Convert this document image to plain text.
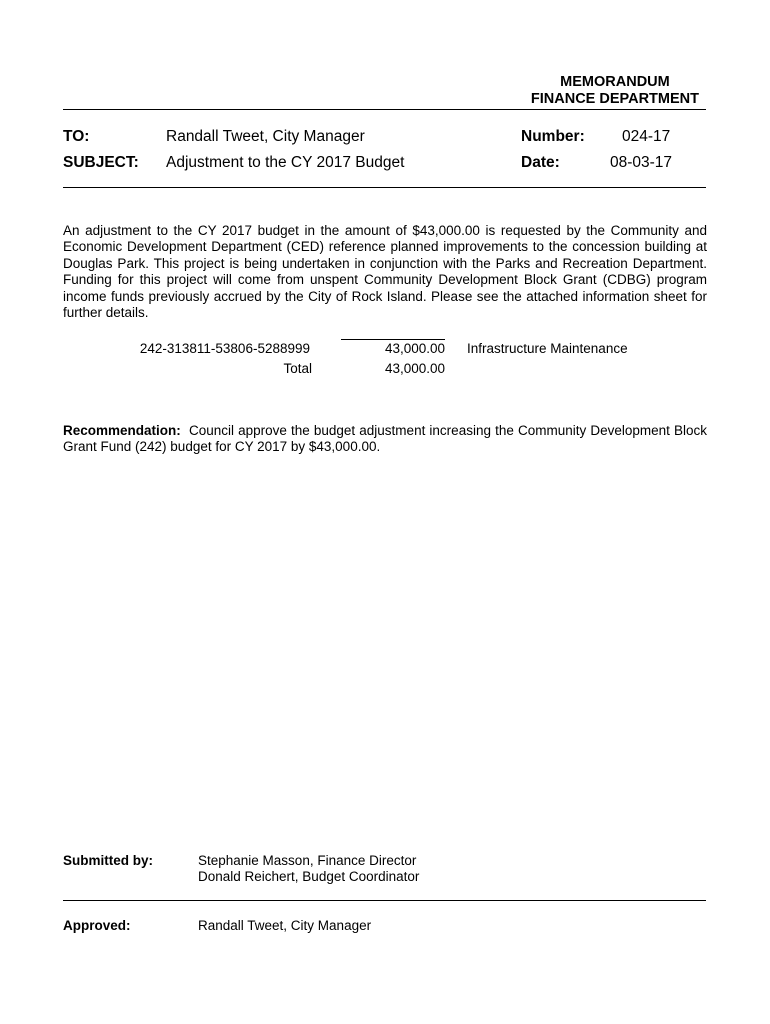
MEMORANDUM
FINANCE DEPARTMENT
TO:	Randall Tweet, City Manager	Number: 024-17
SUBJECT: Adjustment to the CY 2017 Budget	Date:	08-03-17
An adjustment to the CY 2017 budget in the amount of $43,000.00 is requested by the Community and Economic Development Department (CED) reference planned improvements to the concession building at Douglas Park. This project is being undertaken in conjunction with the Parks and Recreation Department. Funding for this project will come from unspent Community Development Block Grant (CDBG) program income funds previously accrued by the City of Rock Island. Please see the attached information sheet for further details.
242-313811-53806-5288999	43,000.00 Infrastructure Maintenance
Total	43,000.00
Recommendation: Council approve the budget adjustment increasing the Community Development Block Grant Fund (242) budget for CY 2017 by $43,000.00.
Submitted by:	Stephanie Masson, Finance Director
Donald Reichert, Budget Coordinator
Approved:	Randall Tweet, City Manager
